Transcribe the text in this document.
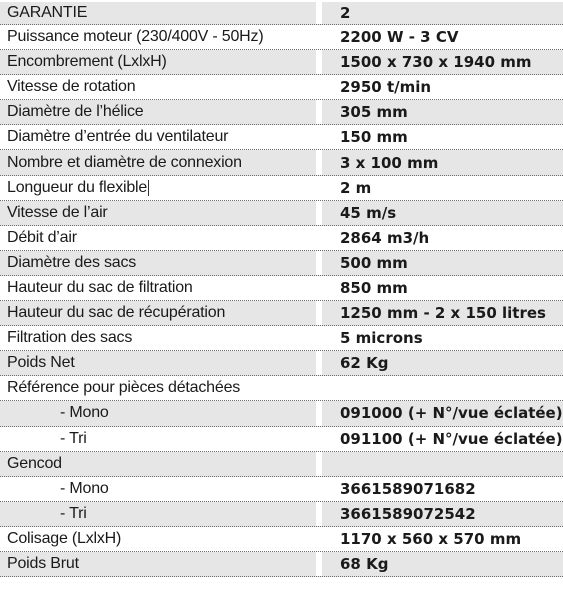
GARANTIE	2
Puissance moteur (230/400V - 50Hz)	2200 W - 3 CV
Encombrement (LxlxH)	1500 x 730 x 1940 mm
Vitesse de rotation	2950 t/min
Diamètre de l’hélice	305 mm
Diamètre d’entrée du ventilateur	150 mm
Nombre et diamètre de connexion	3 x 100 mm
Longueur du flexible	2 m
Vitesse de l’air	45 m/s
Débit d’air	2864 m3/h
Diamètre des sacs	500 mm
Hauteur du sac de filtration	850 mm
Hauteur du sac de récupération	1250 mm - 2 x 150 litres
Filtration des sacs	5 microns
Poids Net	62 Kg
Référence pour pièces détachées
- Mono	091000 (+ N°/vue éclatée)
- Tri	091100 (+ N°/vue éclatée)
Gencod
- Mono	3661589071682
- Tri	3661589072542
Colisage (LxlxH)	1170 x 560 x 570 mm
Poids Brut	68 Kg
